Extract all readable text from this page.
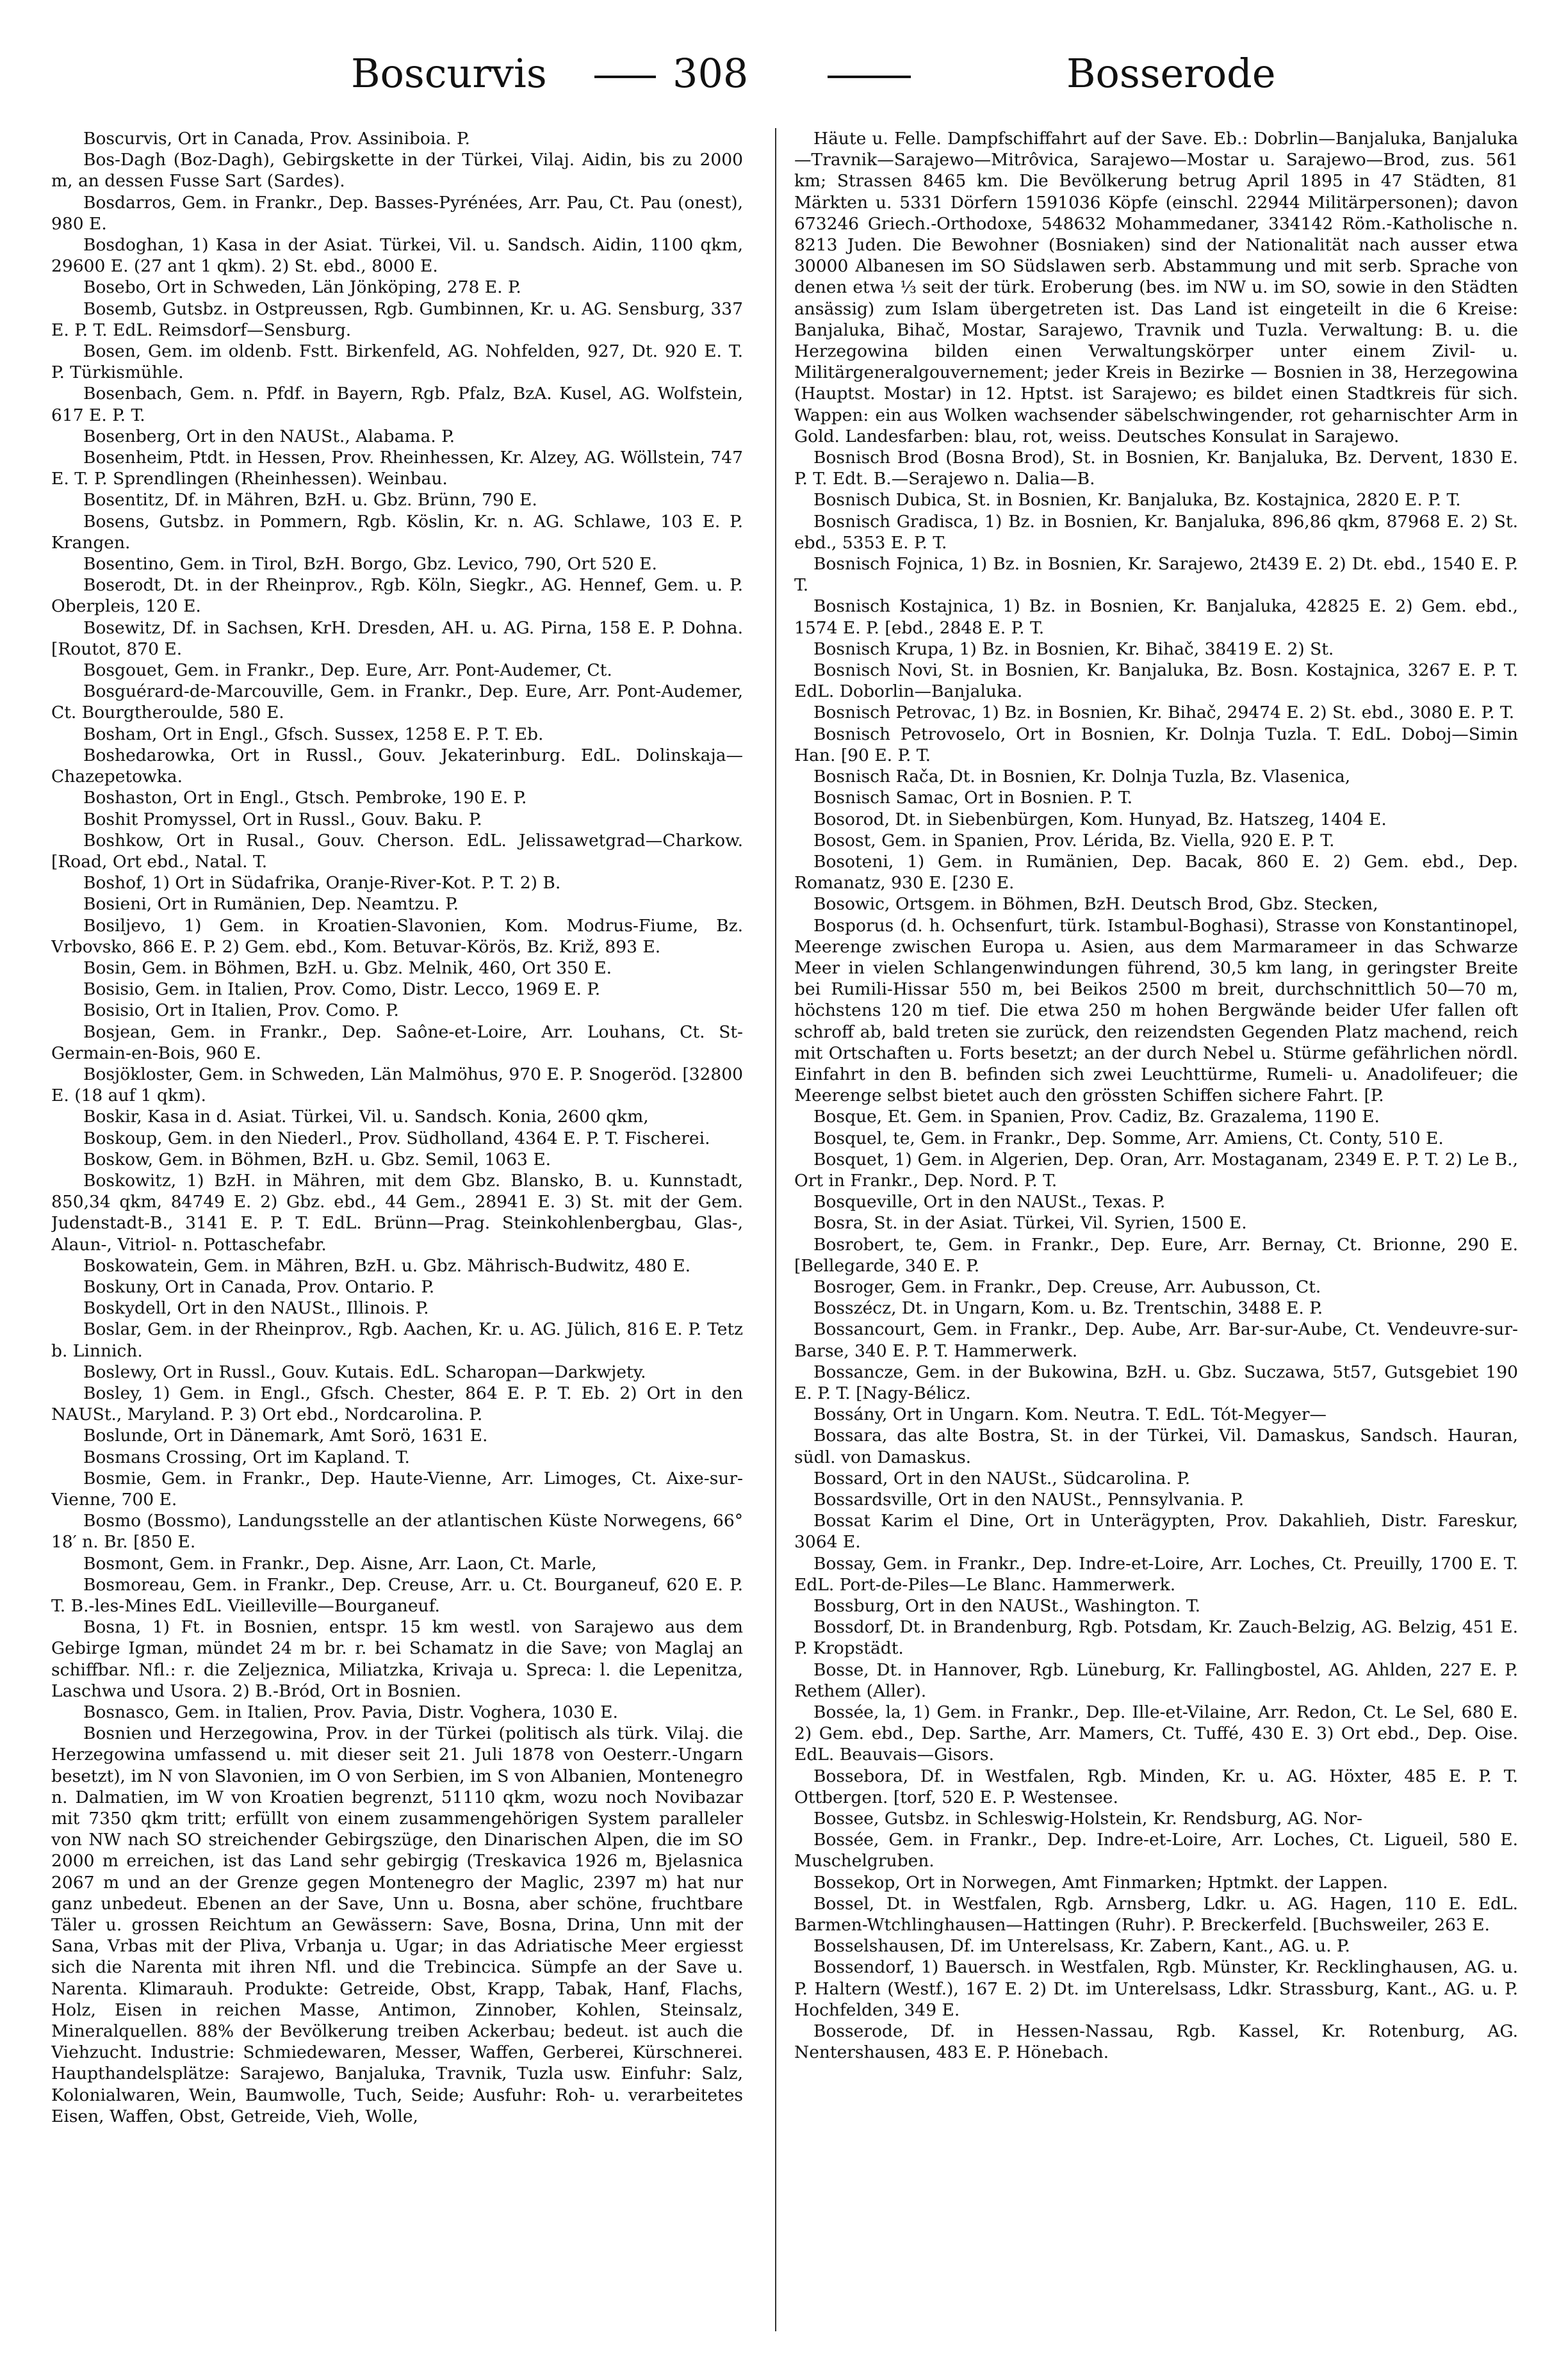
Boscurvis	308	Bosserode

Boscurvis, Ort in Canada, Prov. Assiniboia. P.

Bos-Dagh (Boz-Dagh), Gebirgskette in der Türkei, Vilaj. Aidin, bis zu 2000 m, an dessen Fusse Sart (Sardes).

Bosdarros, Gem. in Frankr., Dep. Basses-Pyrénées, Arr. Pau, Ct. Pau (onest), 980 E.

Bosdoghan, 1) Kasa in der Asiat. Türkei, Vil. u. Sandsch. Aidin, 1100 qkm, 29600 E. (27 ant 1 qkm). 2) St. ebd., 8000 E.

Bosebo, Ort in Schweden, Län Jönköping, 278 E. P.

Bosemb, Gutsbz. in Ostpreussen, Rgb. Gumbinnen, Kr. u. AG. Sensburg, 337 E. P. T. EdL. Reimsdorf—Sensburg.

Bosen, Gem. im oldenb. Fstt. Birkenfeld, AG. Nohfelden, 927, Dt. 920 E. T. P. Türkismühle.

Bosenbach, Gem. n. Pfdf. in Bayern, Rgb. Pfalz, BzA. Kusel, AG. Wolfstein, 617 E. P. T.

Bosenberg, Ort in den NAUSt., Alabama. P.

Bosenheim, Ptdt. in Hessen, Prov. Rheinhessen, Kr. Alzey, AG. Wöllstein, 747 E. T. P. Sprendlingen (Rheinhessen). Weinbau.

Bosentitz, Df. in Mähren, BzH. u. Gbz. Brünn, 790 E.

Bosens, Gutsbz. in Pommern, Rgb. Köslin, Kr. n. AG. Schlawe, 103 E. P. Krangen.

Bosentino, Gem. in Tirol, BzH. Borgo, Gbz. Levico, 790, Ort 520 E.

Boserodt, Dt. in der Rheinprov., Rgb. Köln, Siegkr., AG. Hennef, Gem. u. P. Oberpleis, 120 E.

Bosewitz, Df. in Sachsen, KrH. Dresden, AH. u. AG. Pirna, 158 E. P. Dohna. [Routot, 870 E.

Bosgouet, Gem. in Frankr., Dep. Eure, Arr. Pont-Audemer, Ct.

Bosguérard-de-Marcouville, Gem. in Frankr., Dep. Eure, Arr. Pont-Audemer, Ct. Bourgtheroulde, 580 E.

Bosham, Ort in Engl., Gfsch. Sussex, 1258 E. P. T. Eb.

Boshedarowka, Ort in Russl., Gouv. Jekaterinburg. EdL. Dolinskaja—Chazepetowka.

Boshaston, Ort in Engl., Gtsch. Pembroke, 190 E. P.

Boshit Promyssel, Ort in Russl., Gouv. Baku. P.

Boshkow, Ort in Rusal., Gouv. Cherson. EdL. Jelissawetgrad—Charkow. [Road, Ort ebd., Natal. T.

Boshof, 1) Ort in Südafrika, Oranje-River-Kot. P. T. 2) B.

Bosieni, Ort in Rumänien, Dep. Neamtzu. P.

Bosiljevo, 1) Gem. in Kroatien-Slavonien, Kom. Modrus-Fiume, Bz. Vrbovsko, 866 E. P. 2) Gem. ebd., Kom. Betuvar-Körös, Bz. Križ, 893 E.

Bosin, Gem. in Böhmen, BzH. u. Gbz. Melnik, 460, Ort 350 E.

Bosisio, Gem. in Italien, Prov. Como, Distr. Lecco, 1969 E. P.

Bosisio, Ort in Italien, Prov. Como. P.

Bosjean, Gem. in Frankr., Dep. Saône-et-Loire, Arr. Louhans, Ct. St-Germain-en-Bois, 960 E.

Bosjökloster, Gem. in Schweden, Län Malmöhus, 970 E. P. Snogeröd. [32800 E. (18 auf 1 qkm).

Boskir, Kasa in d. Asiat. Türkei, Vil. u. Sandsch. Konia, 2600 qkm,

Boskoup, Gem. in den Niederl., Prov. Südholland, 4364 E. P. T. Fischerei.

Boskow, Gem. in Böhmen, BzH. u. Gbz. Semil, 1063 E.

Boskowitz, 1) BzH. in Mähren, mit dem Gbz. Blansko, B. u. Kunnstadt, 850,34 qkm, 84749 E. 2) Gbz. ebd., 44 Gem., 28941 E. 3) St. mit der Gem. Judenstadt-B., 3141 E. P. T. EdL. Brünn—Prag. Steinkohlenbergbau, Glas-, Alaun-, Vitriol- n. Pottaschefabr.

Boskowatein, Gem. in Mähren, BzH. u. Gbz. Mährisch-Budwitz, 480 E.

Boskuny, Ort in Canada, Prov. Ontario. P.

Boskydell, Ort in den NAUSt., Illinois. P.

Boslar, Gem. in der Rheinprov., Rgb. Aachen, Kr. u. AG. Jülich, 816 E. P. Tetz b. Linnich.

Boslewy, Ort in Russl., Gouv. Kutais. EdL. Scharopan—Darkwjety.

Bosley, 1) Gem. in Engl., Gfsch. Chester, 864 E. P. T. Eb. 2) Ort in den NAUSt., Maryland. P. 3) Ort ebd., Nordcarolina. P.

Boslunde, Ort in Dänemark, Amt Sorö, 1631 E.

Bosmans Crossing, Ort im Kapland. T.

Bosmie, Gem. in Frankr., Dep. Haute-Vienne, Arr. Limoges, Ct. Aixe-sur-Vienne, 700 E.

Bosmo (Bossmo), Landungsstelle an der atlantischen Küste Norwegens, 66° 18′ n. Br. [850 E.

Bosmont, Gem. in Frankr., Dep. Aisne, Arr. Laon, Ct. Marle,

Bosmoreau, Gem. in Frankr., Dep. Creuse, Arr. u. Ct. Bourganeuf, 620 E. P. T. B.-les-Mines EdL. Vieilleville—Bourganeuf.

Bosna, 1) Ft. in Bosnien, entspr. 15 km westl. von Sarajewo aus dem Gebirge Igman, mündet 24 m br. r. bei Schamatz in die Save; von Maglaj an schiffbar. Nfl.: r. die Zeljeznica, Miliatzka, Krivaja u. Spreca: l. die Lepenitza, Laschwa und Usora. 2) B.-Bród, Ort in Bosnien.

Bosnasco, Gem. in Italien, Prov. Pavia, Distr. Voghera, 1030 E.

Bosnien und Herzegowina, Prov. in der Türkei (politisch als türk. Vilaj. die Herzegowina umfassend u. mit dieser seit 21. Juli 1878 von Oesterr.-Ungarn besetzt), im N von Slavonien, im O von Serbien, im S von Albanien, Montenegro n. Dalmatien, im W von Kroatien begrenzt, 51110 qkm, wozu noch Novibazar mit 7350 qkm tritt; erfüllt von einem zusammengehörigen System paralleler von NW nach SO streichender Gebirgszüge, den Dinarischen Alpen, die im SO 2000 m erreichen, ist das Land sehr gebirgig (Treskavica 1926 m, Bjelasnica 2067 m und an der Grenze gegen Montenegro der Maglic, 2397 m) hat nur ganz unbedeut. Ebenen an der Save, Unn u. Bosna, aber schöne, fruchtbare Täler u. grossen Reichtum an Gewässern: Save, Bosna, Drina, Unn mit der Sana, Vrbas mit der Pliva, Vrbanja u. Ugar; in das Adriatische Meer ergiesst sich die Narenta mit ihren Nfl. und die Trebincica. Sümpfe an der Save u. Narenta. Klimarauh. Produkte: Getreide, Obst, Krapp, Tabak, Hanf, Flachs, Holz, Eisen in reichen Masse, Antimon, Zinnober, Kohlen, Steinsalz, Mineralquellen. 88% der Bevölkerung treiben Ackerbau; bedeut. ist auch die Viehzucht. Industrie: Schmiedewaren, Messer, Waffen, Gerberei, Kürschnerei. Haupthandelsplätze: Sarajewo, Banjaluka, Travnik, Tuzla usw. Einfuhr: Salz, Kolonialwaren, Wein, Baumwolle, Tuch, Seide; Ausfuhr: Roh- u. verarbeitetes Eisen, Waffen, Obst, Getreide, Vieh, Wolle,

Häute u. Felle. Dampfschiffahrt auf der Save. Eb.: Dobrlin—Banjaluka, Banjaluka—Travnik—Sarajewo—Mitrôvica, Sarajewo—Mostar u. Sarajewo—Brod, zus. 561 km; Strassen 8465 km. Die Bevölkerung betrug April 1895 in 47 Städten, 81 Märkten u. 5331 Dörfern 1591036 Köpfe (einschl. 22944 Militärpersonen); davon 673246 Griech.-Orthodoxe, 548632 Mohammedaner, 334142 Röm.-Katholische n. 8213 Juden. Die Bewohner (Bosniaken) sind der Nationalität nach ausser etwa 30000 Albanesen im SO Südslawen serb. Abstammung und mit serb. Sprache von denen etwa ⅓ seit der türk. Eroberung (bes. im NW u. im SO, sowie in den Städten ansässig) zum Islam übergetreten ist. Das Land ist eingeteilt in die 6 Kreise: Banjaluka, Bihač, Mostar, Sarajewo, Travnik und Tuzla. Verwaltung: B. u. die Herzegowina bilden einen Verwaltungskörper unter einem Zivil- u. Militärgeneralgouvernement; jeder Kreis in Bezirke — Bosnien in 38, Herzegowina (Hauptst. Mostar) in 12. Hptst. ist Sarajewo; es bildet einen Stadtkreis für sich. Wappen: ein aus Wolken wachsender säbelschwingender, rot geharnischter Arm in Gold. Landesfarben: blau, rot, weiss. Deutsches Konsulat in Sarajewo.

Bosnisch Brod (Bosna Brod), St. in Bosnien, Kr. Banjaluka, Bz. Dervent, 1830 E. P. T. Edt. B.—Serajewo n. Dalia—B.

Bosnisch Dubica, St. in Bosnien, Kr. Banjaluka, Bz. Kostajnica, 2820 E. P. T.

Bosnisch Gradisca, 1) Bz. in Bosnien, Kr. Banjaluka, 896,86 qkm, 87968 E. 2) St. ebd., 5353 E. P. T.

Bosnisch Fojnica, 1) Bz. in Bosnien, Kr. Sarajewo, 2t439 E. 2) Dt. ebd., 1540 E. P. T.

Bosnisch Kostajnica, 1) Bz. in Bosnien, Kr. Banjaluka, 42825 E. 2) Gem. ebd., 1574 E. P. [ebd., 2848 E. P. T.

Bosnisch Krupa, 1) Bz. in Bosnien, Kr. Bihač, 38419 E. 2) St.

Bosnisch Novi, St. in Bosnien, Kr. Banjaluka, Bz. Bosn. Kostajnica, 3267 E. P. T. EdL. Doborlin—Banjaluka.

Bosnisch Petrovac, 1) Bz. in Bosnien, Kr. Bihač, 29474 E. 2) St. ebd., 3080 E. P. T.

Bosnisch Petrovoselo, Ort in Bosnien, Kr. Dolnja Tuzla. T. EdL. Doboj—Simin Han. [90 E. P. T.

Bosnisch Rača, Dt. in Bosnien, Kr. Dolnja Tuzla, Bz. Vlasenica,

Bosnisch Samac, Ort in Bosnien. P. T.

Bosorod, Dt. in Siebenbürgen, Kom. Hunyad, Bz. Hatszeg, 1404 E.

Bosost, Gem. in Spanien, Prov. Lérida, Bz. Viella, 920 E. P. T.

Bosoteni, 1) Gem. in Rumänien, Dep. Bacak, 860 E. 2) Gem. ebd., Dep. Romanatz, 930 E. [230 E.

Bosowic, Ortsgem. in Böhmen, BzH. Deutsch Brod, Gbz. Stecken,

Bosporus (d. h. Ochsenfurt, türk. Istambul-Boghasi), Strasse von Konstantinopel, Meerenge zwischen Europa u. Asien, aus dem Marmarameer in das Schwarze Meer in vielen Schlangenwindungen führend, 30,5 km lang, in geringster Breite bei Rumili-Hissar 550 m, bei Beikos 2500 m breit, durchschnittlich 50—70 m, höchstens 120 m tief. Die etwa 250 m hohen Bergwände beider Ufer fallen oft schroff ab, bald treten sie zurück, den reizendsten Gegenden Platz machend, reich mit Ortschaften u. Forts besetzt; an der durch Nebel u. Stürme gefährlichen nördl. Einfahrt in den B. befinden sich zwei Leuchttürme, Rumeli- u. Anadolifeuer; die Meerenge selbst bietet auch den grössten Schiffen sichere Fahrt. [P.

Bosque, Et. Gem. in Spanien, Prov. Cadiz, Bz. Grazalema, 1190 E.

Bosquel, te, Gem. in Frankr., Dep. Somme, Arr. Amiens, Ct. Conty, 510 E.

Bosquet, 1) Gem. in Algerien, Dep. Oran, Arr. Mostaganam, 2349 E. P. T. 2) Le B., Ort in Frankr., Dep. Nord. P. T.

Bosqueville, Ort in den NAUSt., Texas. P.

Bosra, St. in der Asiat. Türkei, Vil. Syrien, 1500 E.

Bosrobert, te, Gem. in Frankr., Dep. Eure, Arr. Bernay, Ct. Brionne, 290 E. [Bellegarde, 340 E. P.

Bosroger, Gem. in Frankr., Dep. Creuse, Arr. Aubusson, Ct.

Bosszécz, Dt. in Ungarn, Kom. u. Bz. Trentschin, 3488 E. P.

Bossancourt, Gem. in Frankr., Dep. Aube, Arr. Bar-sur-Aube, Ct. Vendeuvre-sur-Barse, 340 E. P. T. Hammerwerk.

Bossancze, Gem. in der Bukowina, BzH. u. Gbz. Suczawa, 5t57, Gutsgebiet 190 E. P. T. [Nagy-Bélicz.

Bossány, Ort in Ungarn. Kom. Neutra. T. EdL. Tót-Megyer—

Bossara, das alte Bostra, St. in der Türkei, Vil. Damaskus, Sandsch. Hauran, südl. von Damaskus.

Bossard, Ort in den NAUSt., Südcarolina. P.

Bossardsville, Ort in den NAUSt., Pennsylvania. P.

Bossat Karim el Dine, Ort in Unterägypten, Prov. Dakahlieh, Distr. Fareskur, 3064 E.

Bossay, Gem. in Frankr., Dep. Indre-et-Loire, Arr. Loches, Ct. Preuilly, 1700 E. T. EdL. Port-de-Piles—Le Blanc. Hammerwerk.

Bossburg, Ort in den NAUSt., Washington. T.

Bossdorf, Dt. in Brandenburg, Rgb. Potsdam, Kr. Zauch-Belzig, AG. Belzig, 451 E. P. Kropstädt.

Bosse, Dt. in Hannover, Rgb. Lüneburg, Kr. Fallingbostel, AG. Ahlden, 227 E. P. Rethem (Aller).

Bossée, la, 1) Gem. in Frankr., Dep. Ille-et-Vilaine, Arr. Redon, Ct. Le Sel, 680 E. 2) Gem. ebd., Dep. Sarthe, Arr. Mamers, Ct. Tuffé, 430 E. 3) Ort ebd., Dep. Oise. EdL. Beauvais—Gisors.

Bossebora, Df. in Westfalen, Rgb. Minden, Kr. u. AG. Höxter, 485 E. P. T. Ottbergen. [torf, 520 E. P. Westensee.

Bossee, Gutsbz. in Schleswig-Holstein, Kr. Rendsburg, AG. Nor-

Bossée, Gem. in Frankr., Dep. Indre-et-Loire, Arr. Loches, Ct. Ligueil, 580 E. Muschelgruben.

Bossekop, Ort in Norwegen, Amt Finmarken; Hptmkt. der Lappen.

Bossel, Dt. in Westfalen, Rgb. Arnsberg, Ldkr. u. AG. Hagen, 110 E. EdL. Barmen-Wtchlinghausen—Hattingen (Ruhr). P. Breckerfeld. [Buchsweiler, 263 E.

Bosselshausen, Df. im Unterelsass, Kr. Zabern, Kant., AG. u. P.

Bossendorf, 1) Bauersch. in Westfalen, Rgb. Münster, Kr. Recklinghausen, AG. u. P. Haltern (Westf.), 167 E. 2) Dt. im Unterelsass, Ldkr. Strassburg, Kant., AG. u. P. Hochfelden, 349 E.

Bosserode, Df. in Hessen-Nassau, Rgb. Kassel, Kr. Rotenburg, AG. Nentershausen, 483 E. P. Hönebach.
